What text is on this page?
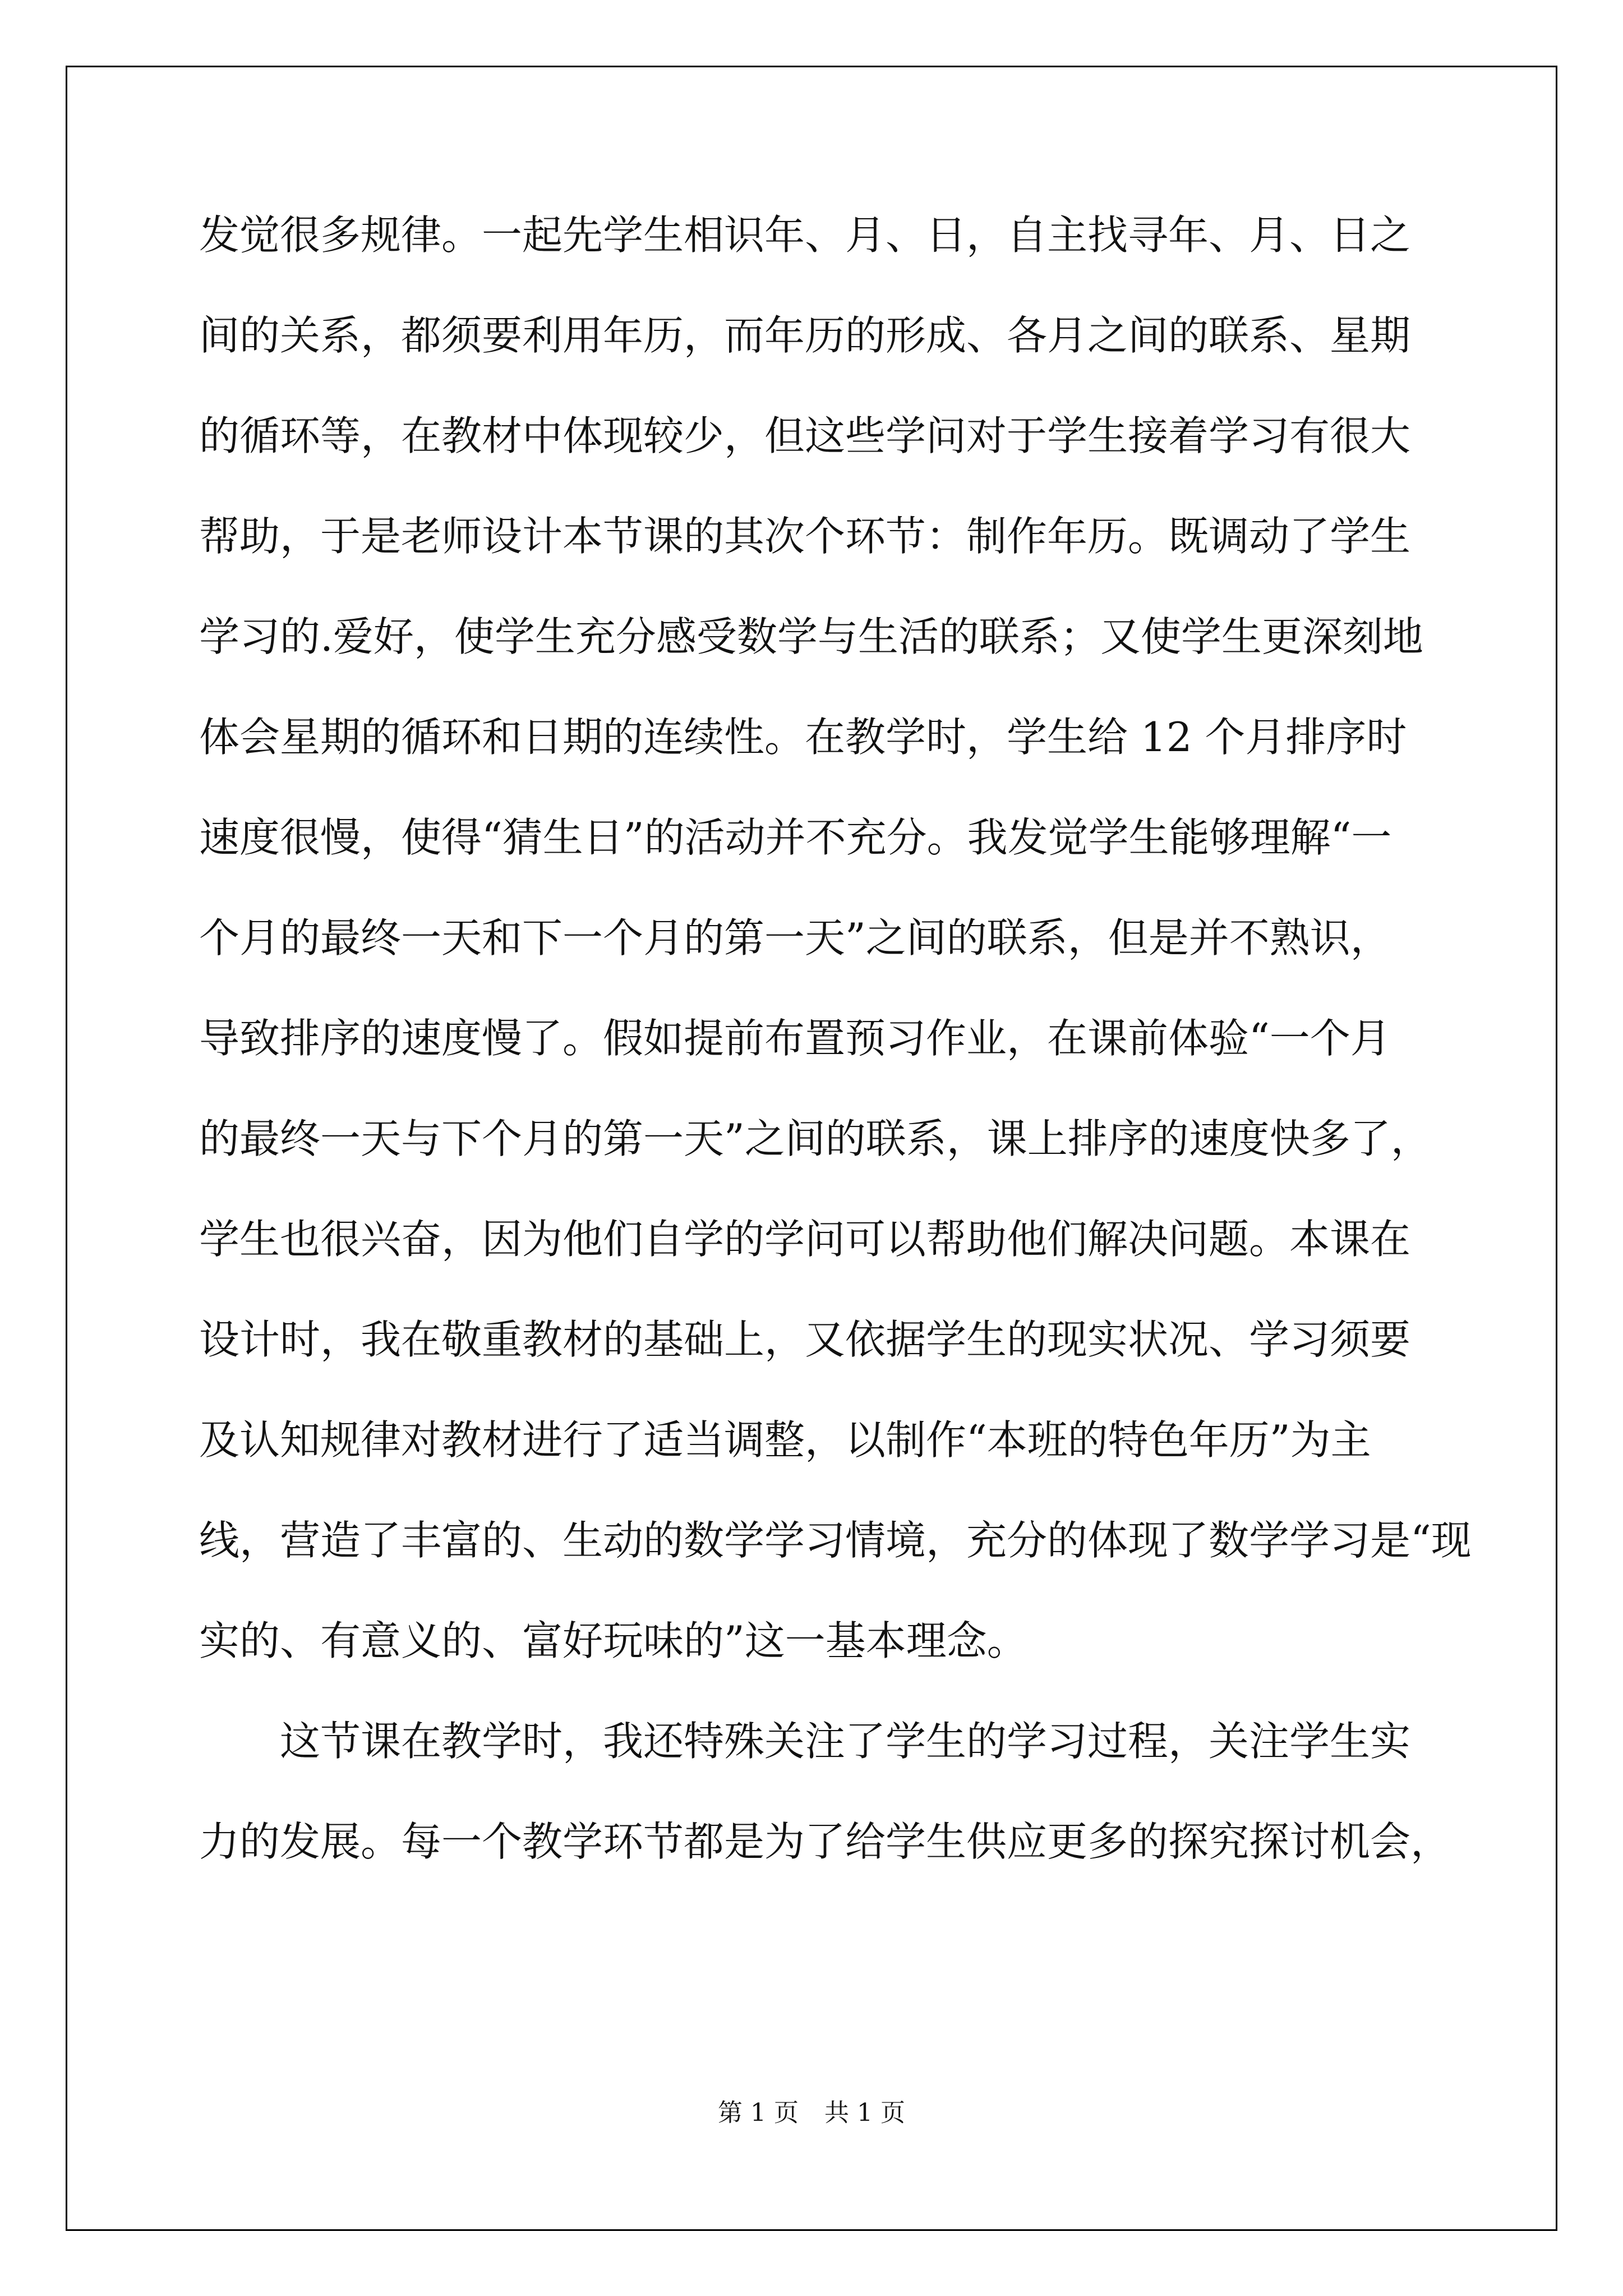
发觉很多规律。一起先学生相识年、月、日，自主找寻年、月、日之
间的关系，都须要利用年历，而年历的形成、各月之间的联系、星期
的循环等，在教材中体现较少，但这些学问对于学生接着学习有很大
帮助，于是老师设计本节课的其次个环节：制作年历。既调动了学生
学习的.爱好，使学生充分感受数学与生活的联系；又使学生更深刻地
体会星期的循环和日期的连续性。在教学时，学生给 12 个月排序时
速度很慢，使得“猜生日”的活动并不充分。我发觉学生能够理解“一
个月的最终一天和下一个月的第一天”之间的联系，但是并不熟识，
导致排序的速度慢了。假如提前布置预习作业，在课前体验“一个月
的最终一天与下个月的第一天”之间的联系，课上排序的速度快多了，
学生也很兴奋，因为他们自学的学问可以帮助他们解决问题。本课在
设计时，我在敬重教材的基础上，又依据学生的现实状况、学习须要
及认知规律对教材进行了适当调整，以制作“本班的特色年历”为主
线，营造了丰富的、生动的数学学习情境，充分的体现了数学学习是“现
实的、有意义的、富好玩味的”这一基本理念。
这节课在教学时，我还特殊关注了学生的学习过程，关注学生实
力的发展。每一个教学环节都是为了给学生供应更多的探究探讨机会，
第 1 页 共 1 页
